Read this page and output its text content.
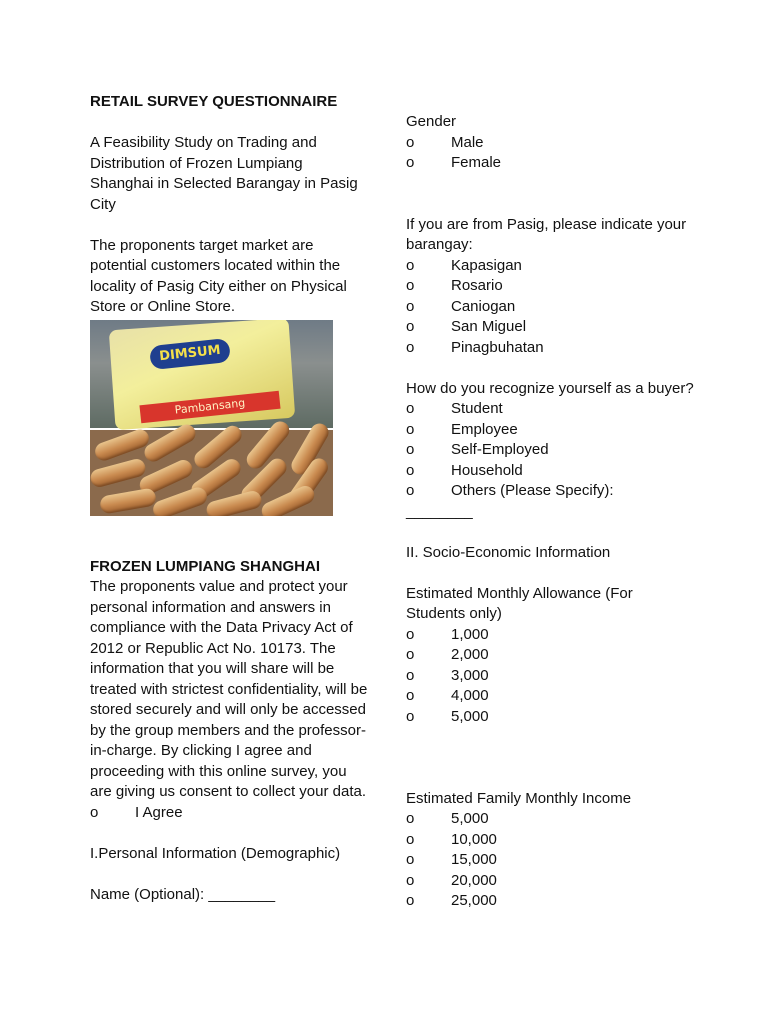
RETAIL SURVEY QUESTIONNAIRE

A Feasibility Study on Trading and Distribution of Frozen Lumpiang Shanghai in Selected Barangay in Pasig City

The proponents target market are potential customers located within the locality of Pasig City either on Physical Store or Online Store.

DIMSUM
Pambansang

FROZEN LUMPIANG SHANGHAI

The proponents value and protect your personal information and answers in compliance with the Data Privacy Act of 2012 or Republic Act No. 10173. The information that you will share will be treated with strictest confidentiality, will be stored securely and will only be accessed by the group members and the professor-in-charge. By clicking I agree and proceeding with this online survey, you are giving us consent to collect your data.

o	I Agree

I.Personal Information (Demographic)

Name (Optional): ________

Gender

o	Male
o	Female

If you are from Pasig, please indicate your barangay:

o	Kapasigan
o	Rosario
o	Caniogan
o	San Miguel
o	Pinagbuhatan

How do you recognize yourself as a buyer?

o	Student
o	Employee
o	Self-Employed
o	Household
o	Others (Please Specify):

________

II. Socio-Economic Information

Estimated Monthly Allowance (For Students only)

o	1,000
o	2,000
o	3,000
o	4,000
o	5,000

Estimated Family Monthly Income

o	5,000
o	10,000
o	15,000
o	20,000
o	25,000
